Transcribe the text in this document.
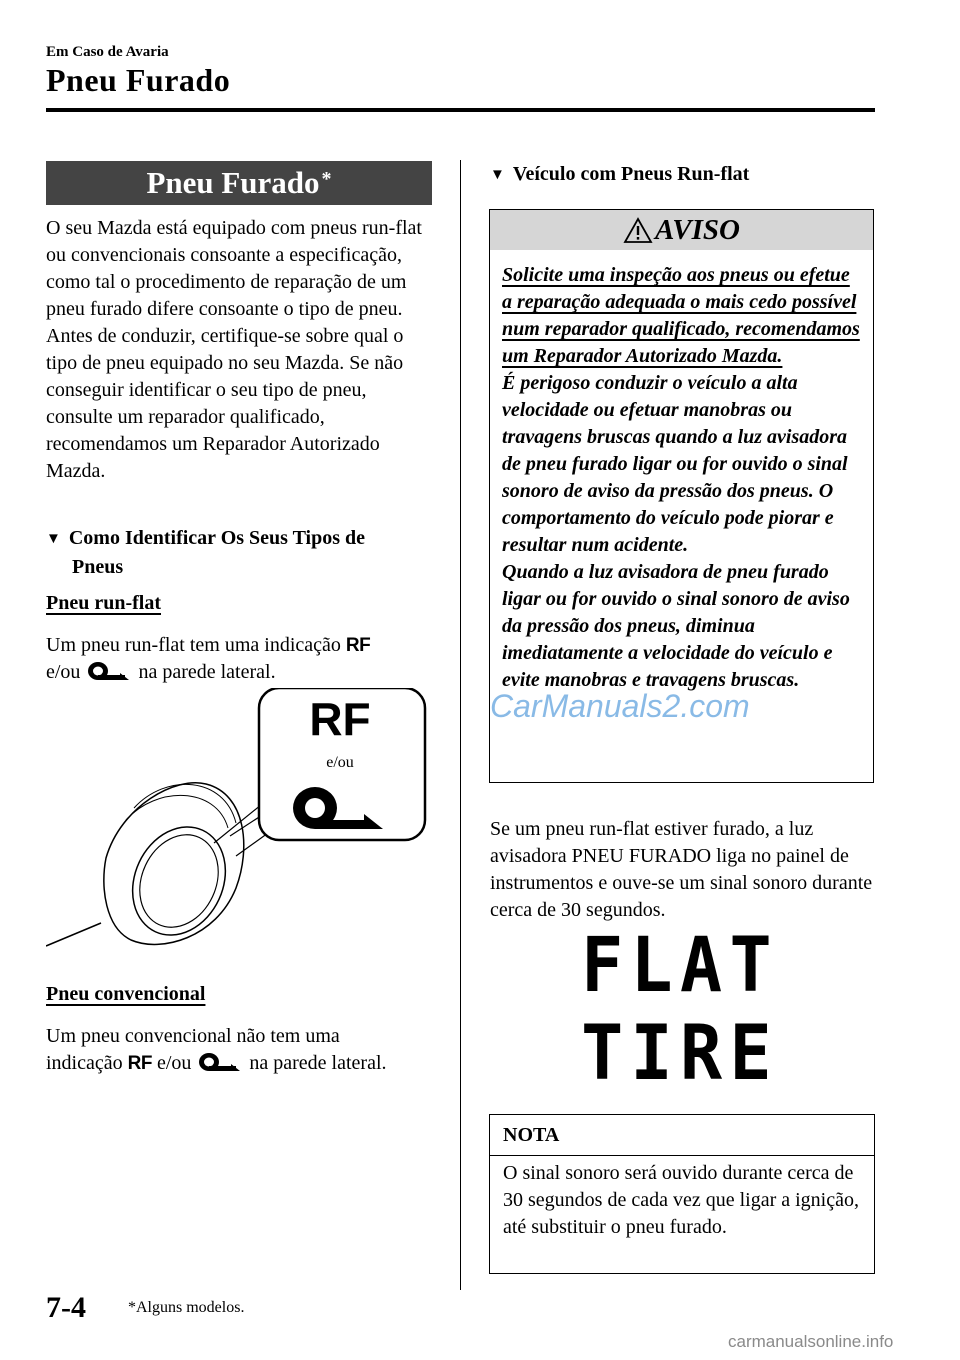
Em Caso de Avaria
Pneu Furado
Pneu Furado*
O seu Mazda está equipado com pneus run-flat ou convencionais consoante a especificação, como tal o procedimento de reparação de um pneu furado difere consoante o tipo de pneu. Antes de conduzir, certifique-se sobre qual o tipo de pneu equipado no seu Mazda. Se não conseguir identificar o seu tipo de pneu, consulte um reparador qualificado, recomendamos um Reparador Autorizado Mazda.
▼ Como Identificar Os Seus Tipos de
Pneus
Pneu run-flat
Um pneu run-flat tem uma indicação RF
e/ou	na parede lateral.
RF
e/ou
Pneu convencional
Um pneu convencional não tem uma
indicação RF e/ou	na parede lateral.
▼ Veículo com Pneus Run-flat
AVISO
Solicite uma inspeção aos pneus ou efetue a reparação adequada o mais cedo possível num reparador qualificado, recomendamos um Reparador Autorizado Mazda.
É perigoso conduzir o veículo a alta velocidade ou efetuar manobras ou travagens bruscas quando a luz avisadora de pneu furado ligar ou for ouvido o sinal sonoro de aviso da pressão dos pneus. O comportamento do veículo pode piorar e resultar num acidente.
Quando a luz avisadora de pneu furado ligar ou for ouvido o sinal sonoro de aviso da pressão dos pneus, diminua imediatamente a velocidade do veículo e evite manobras e travagens bruscas.
Se um pneu run-flat estiver furado, a luz avisadora PNEU FURADO liga no painel de instrumentos e ouve-se um sinal sonoro durante cerca de 30 segundos.
FLAT
TIRE
NOTA
O sinal sonoro será ouvido durante cerca de 30 segundos de cada vez que ligar a ignição, até substituir o pneu furado.
7-4	*Alguns modelos.
CarManuals2.com
carmanualsonline.info
